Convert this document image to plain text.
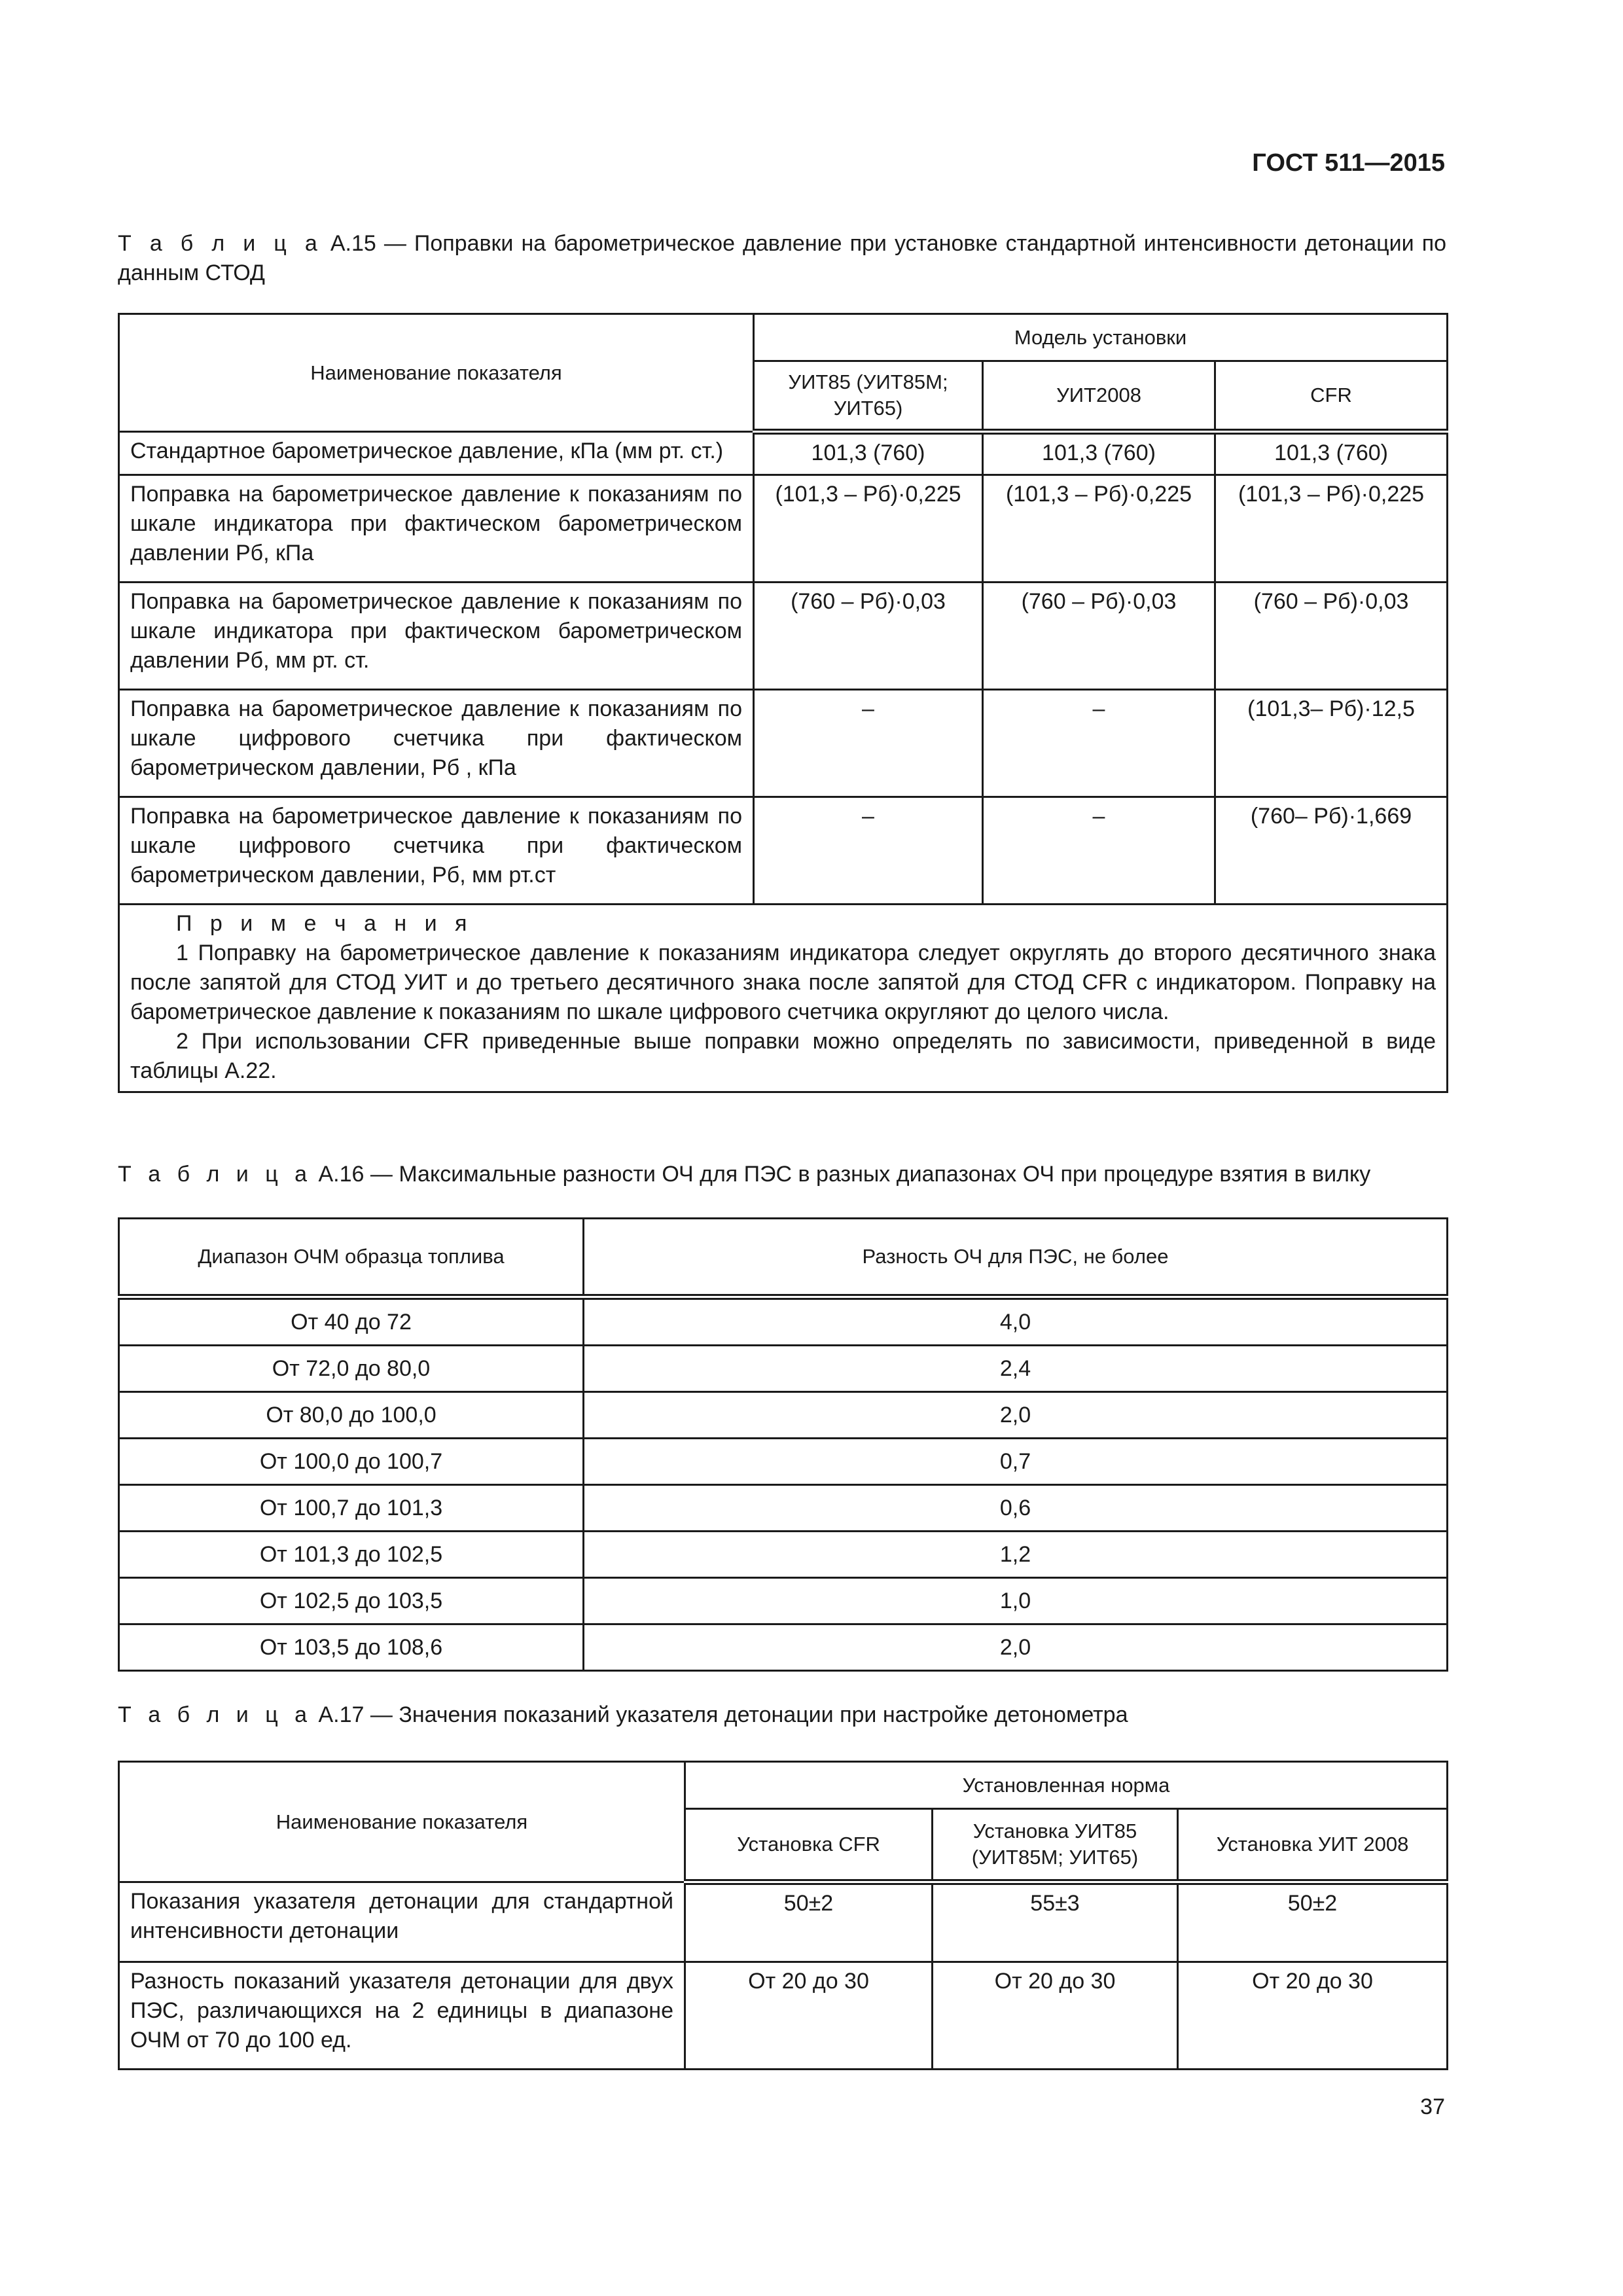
ГОСТ 511—2015
Т а б л и ц а А.15 — Поправки на барометрическое давление при установке стандартной интенсивности детонации по данным СТОД
Наименование показателя	Модель установки		
	УИТ85 (УИТ85М; УИТ65)	УИТ2008	CFR
Стандартное барометрическое давление, кПа (мм рт. ст.)	101,3 (760)	101,3 (760)	101,3 (760)
Поправка на барометрическое давление к показаниям по шкале индикатора при фактическом барометрическом давлении Pб, кПа	(101,3 – Pб)·0,225	(101,3 – Pб)·0,225	(101,3 – Pб)·0,225
Поправка на барометрическое давление к показаниям по шкале индикатора при фактическом барометрическом давлении Pб, мм рт. ст.	(760 – Pб)·0,03	(760 – Pб)·0,03	(760 – Pб)·0,03
Поправка на барометрическое давление к показаниям по шкале цифрового счетчика при фактическом барометрическом давлении, Pб , кПа	–	–	(101,3– Pб)·12,5
Поправка на барометрическое давление к показаниям по шкале цифрового счетчика при фактическом барометрическом давлении, Pб, мм рт.ст	–	–	(760– Pб)·1,669

П р и м е ч а н и я
1 Поправку на барометрическое давление к показаниям индикатора следует округлять до второго десятичного знака после запятой для СТОД УИТ и до третьего десятичного знака после запятой для СТОД CFR с индикатором. Поправку на барометрическое давление к показаниям по шкале цифрового счетчика округляют до целого числа.
2 При использовании CFR приведенные выше поправки можно определять по зависимости, приведенной в виде таблицы А.22.			
Т а б л и ц а А.16 — Максимальные разности ОЧ для ПЭС в разных диапазонах ОЧ при процедуре взятия в вилку
Диапазон ОЧМ образца топлива	Разность ОЧ для ПЭС, не более
От 40 до 72	4,0
От 72,0 до 80,0	2,4
От 80,0 до 100,0	2,0
От 100,0 до 100,7	0,7
От 100,7 до 101,3	0,6
От 101,3 до 102,5	1,2
От 102,5 до 103,5	1,0
От 103,5 до 108,6	2,0
Т а б л и ц а А.17 — Значения показаний указателя детонации при настройке детонометра
Наименование показателя	Установленная норма		
	Установка CFR	Установка УИТ85 (УИТ85М; УИТ65)	Установка УИТ 2008
Показания указателя детонации для стандартной интенсивности детонации	50±2	55±3	50±2
Разность показаний указателя детонации для двух ПЭС, различающихся на 2 единицы в диапазоне ОЧМ от 70 до 100 ед.	От 20 до 30	От 20 до 30	От 20 до 30
37
